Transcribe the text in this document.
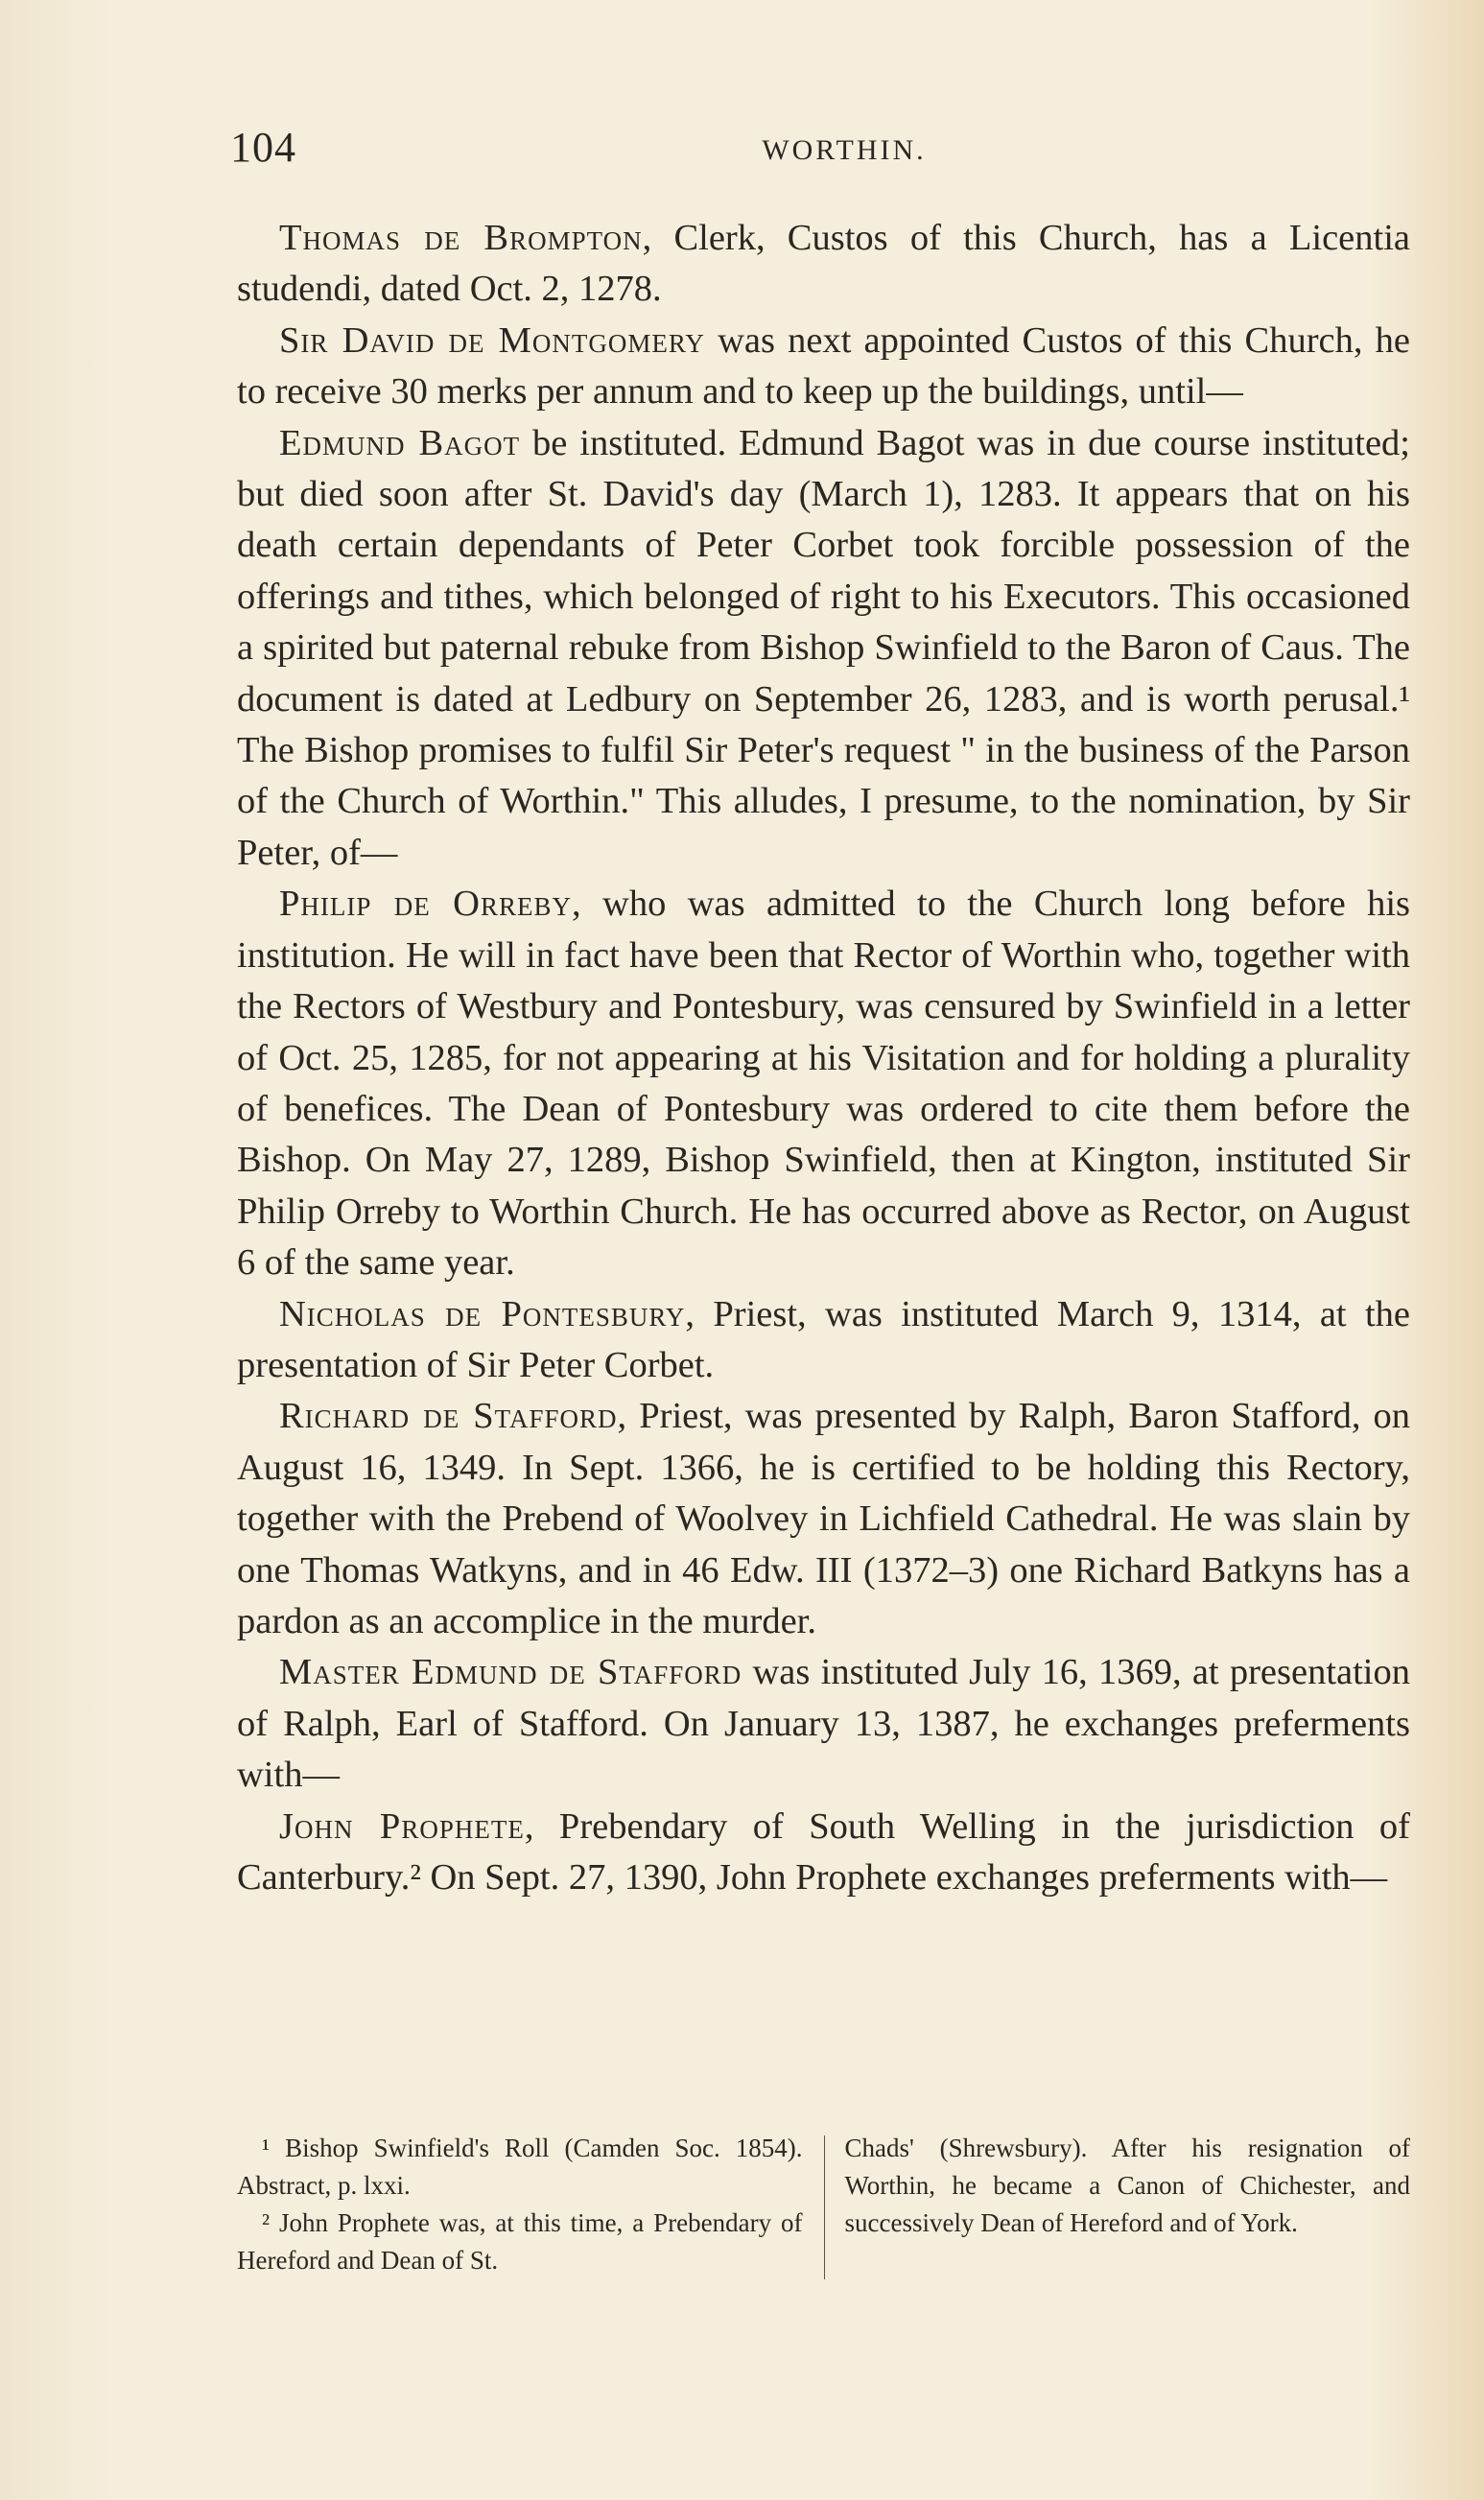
104	WORTHIN.

Thomas de Brompton, Clerk, Custos of this Church, has a Licentia studendi, dated Oct. 2, 1278.

Sir David de Montgomery was next appointed Custos of this Church, he to receive 30 merks per annum and to keep up the buildings, until—

Edmund Bagot be instituted. Edmund Bagot was in due course instituted; but died soon after St. David's day (March 1), 1283. It appears that on his death certain dependants of Peter Corbet took forcible possession of the offerings and tithes, which belonged of right to his Executors. This occasioned a spirited but paternal rebuke from Bishop Swinfield to the Baron of Caus. The document is dated at Ledbury on September 26, 1283, and is worth perusal.¹ The Bishop promises to fulfil Sir Peter's request " in the business of the Parson of the Church of Worthin." This alludes, I presume, to the nomination, by Sir Peter, of—

Philip de Orreby, who was admitted to the Church long before his institution. He will in fact have been that Rector of Worthin who, together with the Rectors of Westbury and Pontesbury, was censured by Swinfield in a letter of Oct. 25, 1285, for not appearing at his Visitation and for holding a plurality of benefices. The Dean of Pontesbury was ordered to cite them before the Bishop. On May 27, 1289, Bishop Swinfield, then at Kington, instituted Sir Philip Orreby to Worthin Church. He has occurred above as Rector, on August 6 of the same year.

Nicholas de Pontesbury, Priest, was instituted March 9, 1314, at the presentation of Sir Peter Corbet.

Richard de Stafford, Priest, was presented by Ralph, Baron Stafford, on August 16, 1349. In Sept. 1366, he is certified to be holding this Rectory, together with the Prebend of Woolvey in Lichfield Cathedral. He was slain by one Thomas Watkyns, and in 46 Edw. III (1372–3) one Richard Batkyns has a pardon as an accomplice in the murder.

Master Edmund de Stafford was instituted July 16, 1369, at presentation of Ralph, Earl of Stafford. On January 13, 1387, he exchanges preferments with—

John Prophete, Prebendary of South Welling in the jurisdiction of Canterbury.² On Sept. 27, 1390, John Prophete exchanges preferments with—

¹ Bishop Swinfield's Roll (Camden Soc. 1854). Abstract, p. lxxi.

² John Prophete was, at this time, a Prebendary of Hereford and Dean of St.

Chads' (Shrewsbury). After his resignation of Worthin, he became a Canon of Chichester, and successively Dean of Hereford and of York.
